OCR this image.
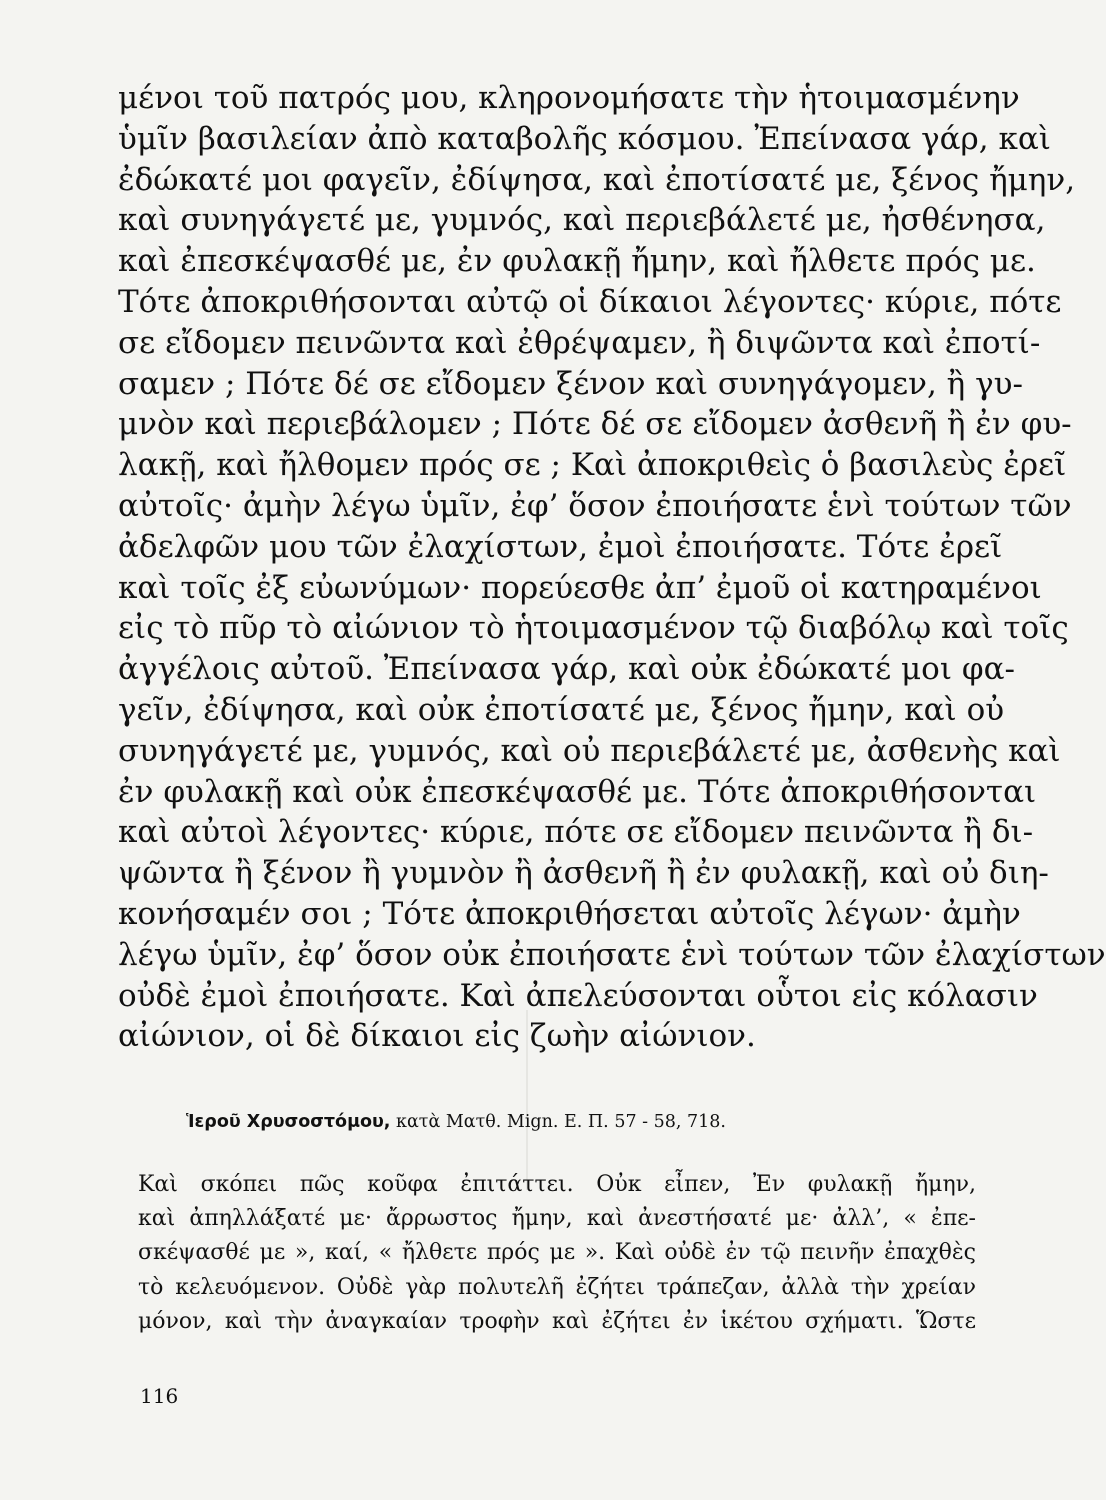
μένοι τοῦ πατρός μου, κληρονομήσατε τὴν ἡτοιμασμένην
ὑμῖν βασιλείαν ἀπὸ καταβολῆς κόσμου. Ἐπείνασα γάρ, καὶ
ἐδώκατέ μοι φαγεῖν, ἐδίψησα, καὶ ἐποτίσατέ με, ξένος ἤμην,
καὶ συνηγάγετέ με, γυμνός, καὶ περιεβάλετέ με, ἠσθένησα,
καὶ ἐπεσκέψασθέ με, ἐν φυλακῇ ἤμην, καὶ ἤλθετε πρός με.
Τότε ἀποκριθήσονται αὐτῷ οἱ δίκαιοι λέγοντες· κύριε, πότε
σε εἴδομεν πεινῶντα καὶ ἐθρέψαμεν, ἢ διψῶντα καὶ ἐποτί-
σαμεν ; Πότε δέ σε εἴδομεν ξένον καὶ συνηγάγομεν, ἢ γυ-
μνὸν καὶ περιεβάλομεν ; Πότε δέ σε εἴδομεν ἀσθενῆ ἢ ἐν φυ-
λακῇ, καὶ ἤλθομεν πρός σε ; Καὶ ἀποκριθεὶς ὁ βασιλεὺς ἐρεῖ
αὐτοῖς· ἀμὴν λέγω ὑμῖν, ἐφ’ ὅσον ἐποιήσατε ἑνὶ τούτων τῶν
ἀδελφῶν μου τῶν ἐλαχίστων, ἐμοὶ ἐποιήσατε. Τότε ἐρεῖ
καὶ τοῖς ἐξ εὐωνύμων· πορεύεσθε ἀπ’ ἐμοῦ οἱ κατηραμένοι
εἰς τὸ πῦρ τὸ αἰώνιον τὸ ἡτοιμασμένον τῷ διαβόλῳ καὶ τοῖς
ἀγγέλοις αὐτοῦ. Ἐπείνασα γάρ, καὶ οὐκ ἐδώκατέ μοι φα-
γεῖν, ἐδίψησα, καὶ οὐκ ἐποτίσατέ με, ξένος ἤμην, καὶ οὐ
συνηγάγετέ με, γυμνός, καὶ οὐ περιεβάλετέ με, ἀσθενὴς καὶ
ἐν φυλακῇ καὶ οὐκ ἐπεσκέψασθέ με. Τότε ἀποκριθήσονται
καὶ αὐτοὶ λέγοντες· κύριε, πότε σε εἴδομεν πεινῶντα ἢ δι-
ψῶντα ἢ ξένον ἢ γυμνὸν ἢ ἀσθενῆ ἢ ἐν φυλακῇ, καὶ οὐ διη-
κονήσαμέν σοι ; Τότε ἀποκριθήσεται αὐτοῖς λέγων· ἀμὴν
λέγω ὑμῖν, ἐφ’ ὅσον οὐκ ἐποιήσατε ἑνὶ τούτων τῶν ἐλαχίστων
οὐδὲ ἐμοὶ ἐποιήσατε. Καὶ ἀπελεύσονται οὗτοι εἰς κόλασιν
αἰώνιον, οἱ δὲ δίκαιοι εἰς ζωὴν αἰώνιον.
Ἱεροῦ Χρυσοστόμου, κατὰ Ματθ. Mign. E. Π. 57 - 58, 718.
Καὶ σκόπει πῶς κοῦφα ἐπιτάττει. Οὐκ εἶπεν, Ἐν φυλακῇ ἤμην,
καὶ ἀπηλλάξατέ με· ἄρρωστος ἤμην, καὶ ἀνεστήσατέ με· ἀλλ’, « ἐπε-
σκέψασθέ με », καί, « ἤλθετε πρός με ». Καὶ οὐδὲ ἐν τῷ πεινῆν ἐπαχθὲς
τὸ κελευόμενον. Οὐδὲ γὰρ πολυτελῆ ἐζήτει τράπεζαν, ἀλλὰ τὴν χρείαν
μόνον, καὶ τὴν ἀναγκαίαν τροφὴν καὶ ἐζήτει ἐν ἱκέτου σχήματι. Ὥστε
116
